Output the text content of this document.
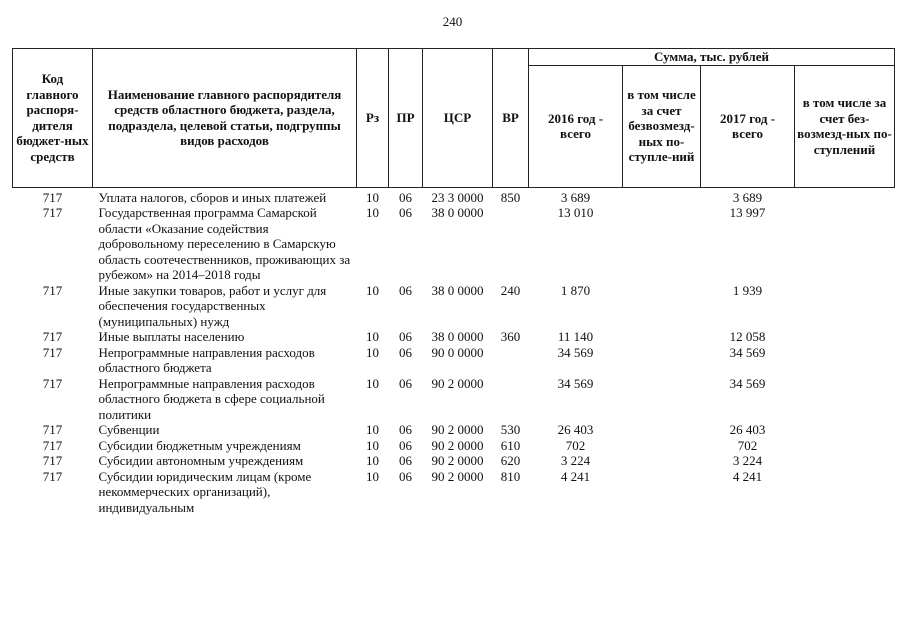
240
Код главного распоря-дителя бюджет-ных средств	Наименование главного распорядителя средств областного бюджета, раздела, подраздела, целевой статьи, подгруппы видов расходов	Рз	ПР	ЦСР	ВР	Сумма, тыс. рублей			
						2016 год - всего	в том числе за счет безвозмезд-ных по-ступле-ний	2017 год - всего	в том числе за счет без-возмезд-ных по-ступлений
717	Уплата налогов, сборов и иных платежей	10	06	23 3 0000	850	3 689		3 689	
717	Государственная программа Самарской области «Оказание содействия добровольному переселению в Самарскую область соотечественников, проживающих за рубежом» на 2014–2018 годы	10	06	38 0 0000		13 010		13 997	
717	Иные закупки товаров, работ и услуг для обеспечения государственных (муниципальных) нужд	10	06	38 0 0000	240	1 870		1 939	
717	Иные выплаты населению	10	06	38 0 0000	360	11 140		12 058	
717	Непрограммные направления расходов областного бюджета	10	06	90 0 0000		34 569		34 569	
717	Непрограммные направления расходов областного бюджета в сфере социальной политики	10	06	90 2 0000		34 569		34 569	
717	Субвенции	10	06	90 2 0000	530	26 403		26 403	
717	Субсидии бюджетным учреждениям	10	06	90 2 0000	610	702		702	
717	Субсидии автономным учреждениям	10	06	90 2 0000	620	3 224		3 224	
717	Субсидии юридическим лицам (кроме некоммерческих организаций), индивидуальным	10	06	90 2 0000	810	4 241		4 241	
